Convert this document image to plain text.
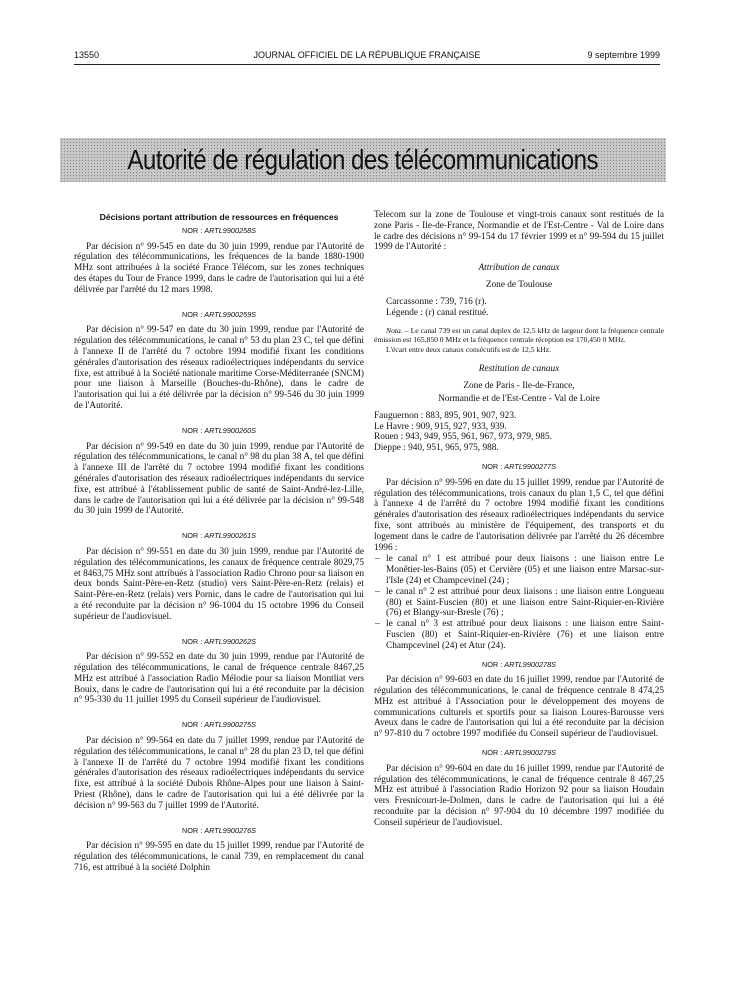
13550	JOURNAL OFFICIEL DE LA RÉPUBLIQUE FRANÇAISE	9 septembre 1999
Autorité de régulation des télécommunications
Décisions portant attribution de ressources en fréquences
NOR : ARTL9900258S

Par décision n° 99-545 en date du 30 juin 1999, rendue par l'Autorité de régulation des télécommunications, les fréquences de la bande 1880-1900 MHz sont attribuées à la société France Télécom, sur les zones techniques des étapes du Tour de France 1999, dans le cadre de l'autorisation qui lui a été délivrée par l'arrêté du 12 mars 1998.

NOR : ARTL9900259S

Par décision n° 99-547 en date du 30 juin 1999, rendue par l'Autorité de régulation des télécommunications, le canal n° 53 du plan 23 C, tel que défini à l'annexe II de l'arrêté du 7 octobre 1994 modifié fixant les conditions générales d'autorisation des réseaux radioélectriques indépendants du service fixe, est attribué à la Société nationale maritime Corse-Méditerranée (SNCM) pour une liaison à Marseille (Bouches-du-Rhône), dans le cadre de l'autorisation qui lui a été délivrée par la décision n° 99-546 du 30 juin 1999 de l'Autorité.

NOR : ARTL9900260S

Par décision n° 99-549 en date du 30 juin 1999, rendue par l'Autorité de régulation des télécommunications, le canal n° 98 du plan 38 A, tel que défini à l'annexe III de l'arrêté du 7 octobre 1994 modifié fixant les conditions générales d'autorisation des réseaux radioélectriques indépendants du service fixe, est attribué à l'établissement public de santé de Saint-André-lez-Lille, dans le cadre de l'autorisation qui lui a été délivrée par la décision n° 99-548 du 30 juin 1999 de l'Autorité.

NOR : ARTL9900261S

Par décision n° 99-551 en date du 30 juin 1999, rendue par l'Autorité de régulation des télécommunications, les canaux de fréquence centrale 8029,75 et 8463,75 MHz sont attribués à l'association Radio Chrono pour sa liaison en deux bonds Saint-Père-en-Retz (studio) vers Saint-Père-en-Retz (relais) et Saint-Père-en-Retz (relais) vers Pornic, dans le cadre de l'autorisation qui lui a été reconduite par la décision n° 96-1004 du 15 octobre 1996 du Conseil supérieur de l'audiovisuel.

NOR : ARTL9900262S

Par décision n° 99-552 en date du 30 juin 1999, rendue par l'Autorité de régulation des télécommunications, le canal de fréquence centrale 8467,25 MHz est attribué à l'association Radio Mélodie pour sa liaison Montliat vers Bouix, dans le cadre de l'autorisation qui lui a été reconduite par la décision n° 95-330 du 11 juillet 1995 du Conseil supérieur de l'audiovisuel.

NOR : ARTL9900275S

Par décision n° 99-564 en date du 7 juillet 1999, rendue par l'Autorité de régulation des télécommunications, le canal n° 28 du plan 23 D, tel que défini à l'annexe II de l'arrêté du 7 octobre 1994 modifié fixant les conditions générales d'autorisation des réseaux radioélectriques indépendants du service fixe, est attribué à la société Dubois Rhône-Alpes pour une liaison à Saint-Priest (Rhône), dans le cadre de l'autorisation qui lui a été délivrée par la décision n° 99-563 du 7 juillet 1999 de l'Autorité.

NOR : ARTL9900276S

Par décision n° 99-595 en date du 15 juillet 1999, rendue par l'Autorité de régulation des télécommunications, le canal 739, en remplacement du canal 716, est attribué à la société Dolphin

Telecom sur la zone de Toulouse et vingt-trois canaux sont restitués de la zone Paris - Ile-de-France, Normandie et de l'Est-Centre - Val de Loire dans le cadre des décisions n° 99-154 du 17 février 1999 et n° 99-594 du 15 juillet 1999 de l'Autorité :

Attribution de canaux
Zone de Toulouse
Carcassonne : 739, 716 (r).
Légende : (r) canal restitué.

Nota. – Le canal 739 est un canal duplex de 12,5 kHz de largeur dont la fréquence centrale émission est 165,850 0 MHz et la fréquence centrale réception est 170,450 0 MHz.

L'écart entre deux canaux consécutifs est de 12,5 kHz.

Restitution de canaux
Zone de Paris - Ile-de-France,
Normandie et de l'Est-Centre - Val de Loire
Fauguernon : 883, 895, 901, 907, 923.
Le Havre : 909, 915, 927, 933, 939.
Rouen : 943, 949, 955, 961, 967, 973, 979, 985.
Dieppe : 940, 951, 965, 975, 988.
NOR : ARTL9900277S

Par décision n° 99-596 en date du 15 juillet 1999, rendue par l'Autorité de régulation des télécommunications, trois canaux du plan 1,5 C, tel que défini à l'annexe 4 de l'arrêté du 7 octobre 1994 modifié fixant les conditions générales d'autorisation des réseaux radioélectriques indépendants du service fixe, sont attribués au ministère de l'équipement, des transports et du logement dans le cadre de l'autorisation délivrée par l'arrêté du 26 décembre 1996 :

– le canal n° 1 est attribué pour deux liaisons : une liaison entre Le Monêtier-les-Bains (05) et Cervière (05) et une liaison entre Marsac-sur-l'Isle (24) et Champcevinel (24) ;
– le canal n° 2 est attribué pour deux liaisons : une liaison entre Longueau (80) et Saint-Fuscien (80) et une liaison entre Saint-Riquier-en-Rivière (76) et Blangy-sur-Bresle (76) ;
– le canal n° 3 est attribué pour deux liaisons : une liaison entre Saint-Fuscien (80) et Saint-Riquier-en-Rivière (76) et une liaison entre Champcevinel (24) et Atur (24).
NOR : ARTL9900278S

Par décision n° 99-603 en date du 16 juillet 1999, rendue par l'Autorité de régulation des télécommunications, le canal de fréquence centrale 8 474,25 MHz est attribué à l'Association pour le développement des moyens de communications culturels et sportifs pour sa liaison Loures-Barousse vers Aveux dans le cadre de l'autorisation qui lui a été reconduite par la décision n° 97-810 du 7 octobre 1997 modifiée du Conseil supérieur de l'audiovisuel.

NOR : ARTL9900279S

Par décision n° 99-604 en date du 16 juillet 1999, rendue par l'Autorité de régulation des télécommunications, le canal de fréquence centrale 8 467,25 MHz est attribué à l'association Radio Horizon 92 pour sa liaison Houdain vers Fresnicourt-le-Dolmen, dans le cadre de l'autorisation qui lui a été reconduite par la décision n° 97-904 du 10 décembre 1997 modifiée du Conseil supérieur de l'audiovisuel.
